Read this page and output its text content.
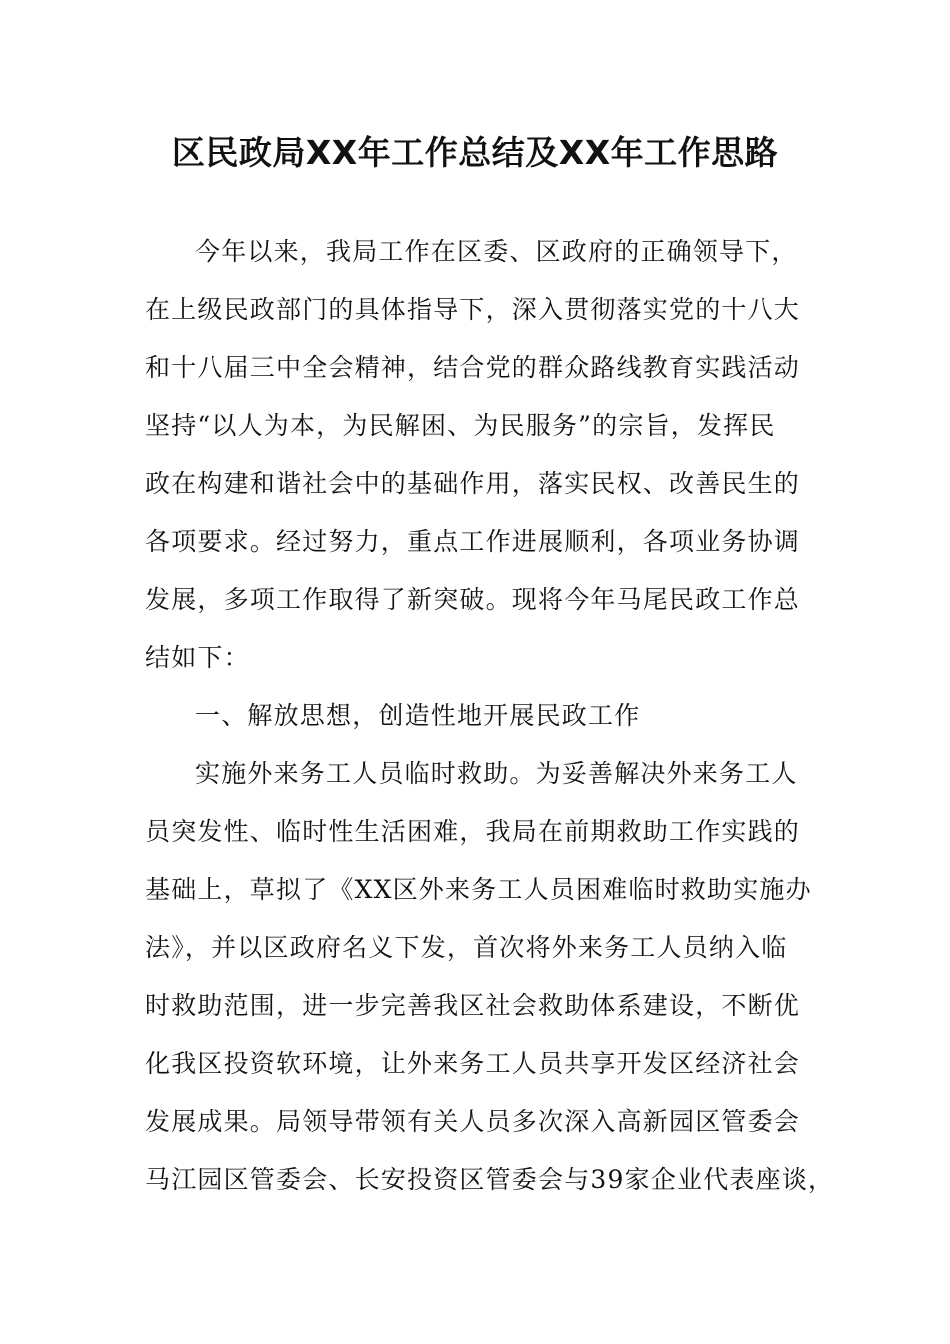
区民政局XX年工作总结及XX年工作思路
今年以来，我局工作在区委、区政府的正确领导下，
在上级民政部门的具体指导下，深入贯彻落实党的十八大
和十八届三中全会精神，结合党的群众路线教育实践活动
坚持“以人为本，为民解困、为民服务”的宗旨，发挥民
政在构建和谐社会中的基础作用，落实民权、改善民生的
各项要求。经过努力，重点工作进展顺利，各项业务协调
发展，多项工作取得了新突破。现将今年马尾民政工作总
结如下：
一、解放思想，创造性地开展民政工作
实施外来务工人员临时救助。为妥善解决外来务工人
员突发性、临时性生活困难，我局在前期救助工作实践的
基础上，草拟了《XX区外来务工人员困难临时救助实施办
法》，并以区政府名义下发，首次将外来务工人员纳入临
时救助范围，进一步完善我区社会救助体系建设，不断优
化我区投资软环境，让外来务工人员共享开发区经济社会
发展成果。局领导带领有关人员多次深入高新园区管委会
马江园区管委会、长安投资区管委会与39家企业代表座谈，
